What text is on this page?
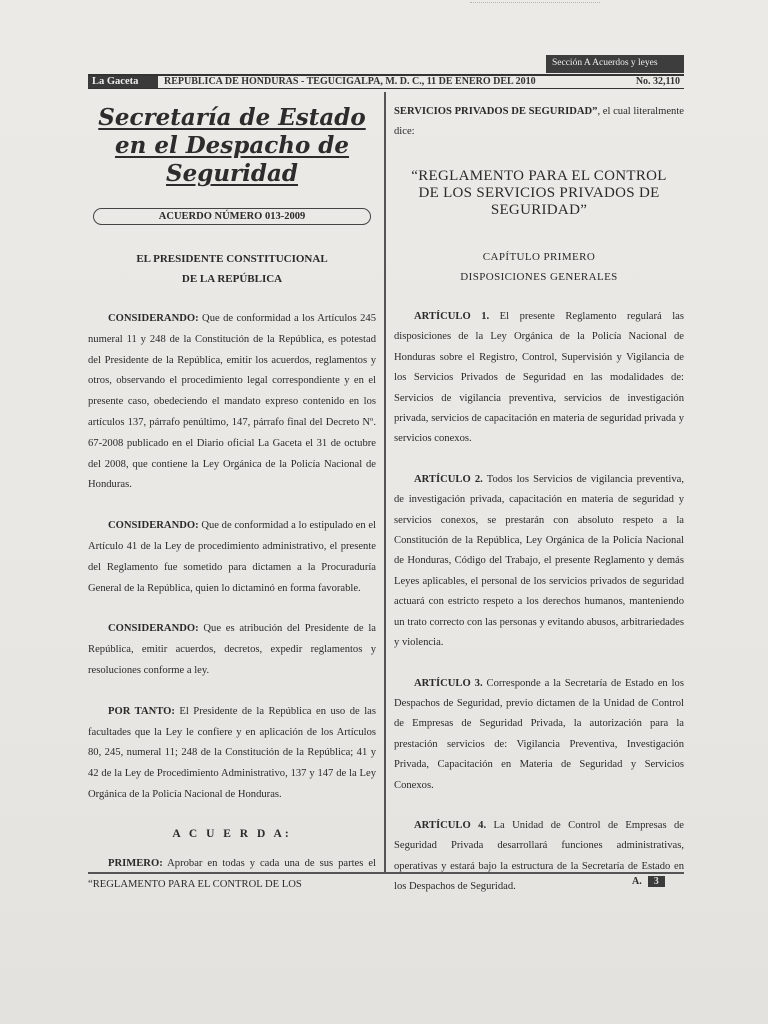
Sección A Acuerdos y leyes
La Gaceta	REPÚBLICA DE HONDURAS - TEGUCIGALPA, M. D. C., 11 DE ENERO DEL 2010	No. 32,110
Secretaría de Estado
en el Despacho de
Seguridad
ACUERDO NÚMERO 013-2009
EL PRESIDENTE CONSTITUCIONAL
DE LA REPÚBLICA

CONSIDERANDO: Que de conformidad a los Artículos 245 numeral 11 y 248 de la Constitución de la República, es potestad del Presidente de la República, emitir los acuerdos, reglamentos y otros, observando el procedimiento legal correspondiente y en el presente caso, obedeciendo el mandato expreso contenido en los artículos 137, párrafo penúltimo, 147, párrafo final del Decreto Nº. 67-2008 publicado en el Diario oficial La Gaceta el 31 de octubre del 2008, que contiene la Ley Orgánica de la Policía Nacional de Honduras.

CONSIDERANDO: Que de conformidad a lo estipulado en el Artículo 41 de la Ley de procedimiento administrativo, el presente del Reglamento fue sometido para dictamen a la Procuraduría General de la República, quien lo dictaminó en forma favorable.

CONSIDERANDO: Que es atribución del Presidente de la República, emitir acuerdos, decretos, expedir reglamentos y resoluciones conforme a ley.

POR TANTO: El Presidente de la República en uso de las facultades que la Ley le confiere y en aplicación de los Artículos 80, 245, numeral 11; 248 de la Constitución de la República; 41 y 42 de la Ley de Procedimiento Administrativo, 137 y 147 de la Ley Orgánica de la Policía Nacional de Honduras.

A C U E R D A:

PRIMERO: Aprobar en todas y cada una de sus partes el “REGLAMENTO PARA EL CONTROL DE LOS

SERVICIOS PRIVADOS DE SEGURIDAD”, el cual literalmente dice:

“REGLAMENTO PARA EL CONTROL
DE LOS SERVICIOS PRIVADOS DE
SEGURIDAD”
CAPÍTULO PRIMERO
DISPOSICIONES GENERALES

ARTÍCULO 1. El presente Reglamento regulará las disposiciones de la Ley Orgánica de la Policía Nacional de Honduras sobre el Registro, Control, Supervisión y Vigilancia de los Servicios Privados de Seguridad en las modalidades de: Servicios de vigilancia preventiva, servicios de investigación privada, servicios de capacitación en materia de seguridad privada y servicios conexos.

ARTÍCULO 2. Todos los Servicios de vigilancia preventiva, de investigación privada, capacitación en materia de seguridad y servicios conexos, se prestarán con absoluto respeto a la Constitución de la República, Ley Orgánica de la Policía Nacional de Honduras, Código del Trabajo, el presente Reglamento y demás Leyes aplicables, el personal de los servicios privados de seguridad actuará con estricto respeto a los derechos humanos, manteniendo un trato correcto con las personas y evitando abusos, arbitrariedades y violencia.

ARTÍCULO 3. Corresponde a la Secretaría de Estado en los Despachos de Seguridad, previo dictamen de la Unidad de Control de Empresas de Seguridad Privada, la autorización para la prestación servicios de: Vigilancia Preventiva, Investigación Privada, Capacitación en Materia de Seguridad y Servicios Conexos.

ARTÍCULO 4. La Unidad de Control de Empresas de Seguridad Privada desarrollará funciones administrativas, operativas y estará bajo la estructura de la Secretaría de Estado en los Despachos de Seguridad.	A. 3
